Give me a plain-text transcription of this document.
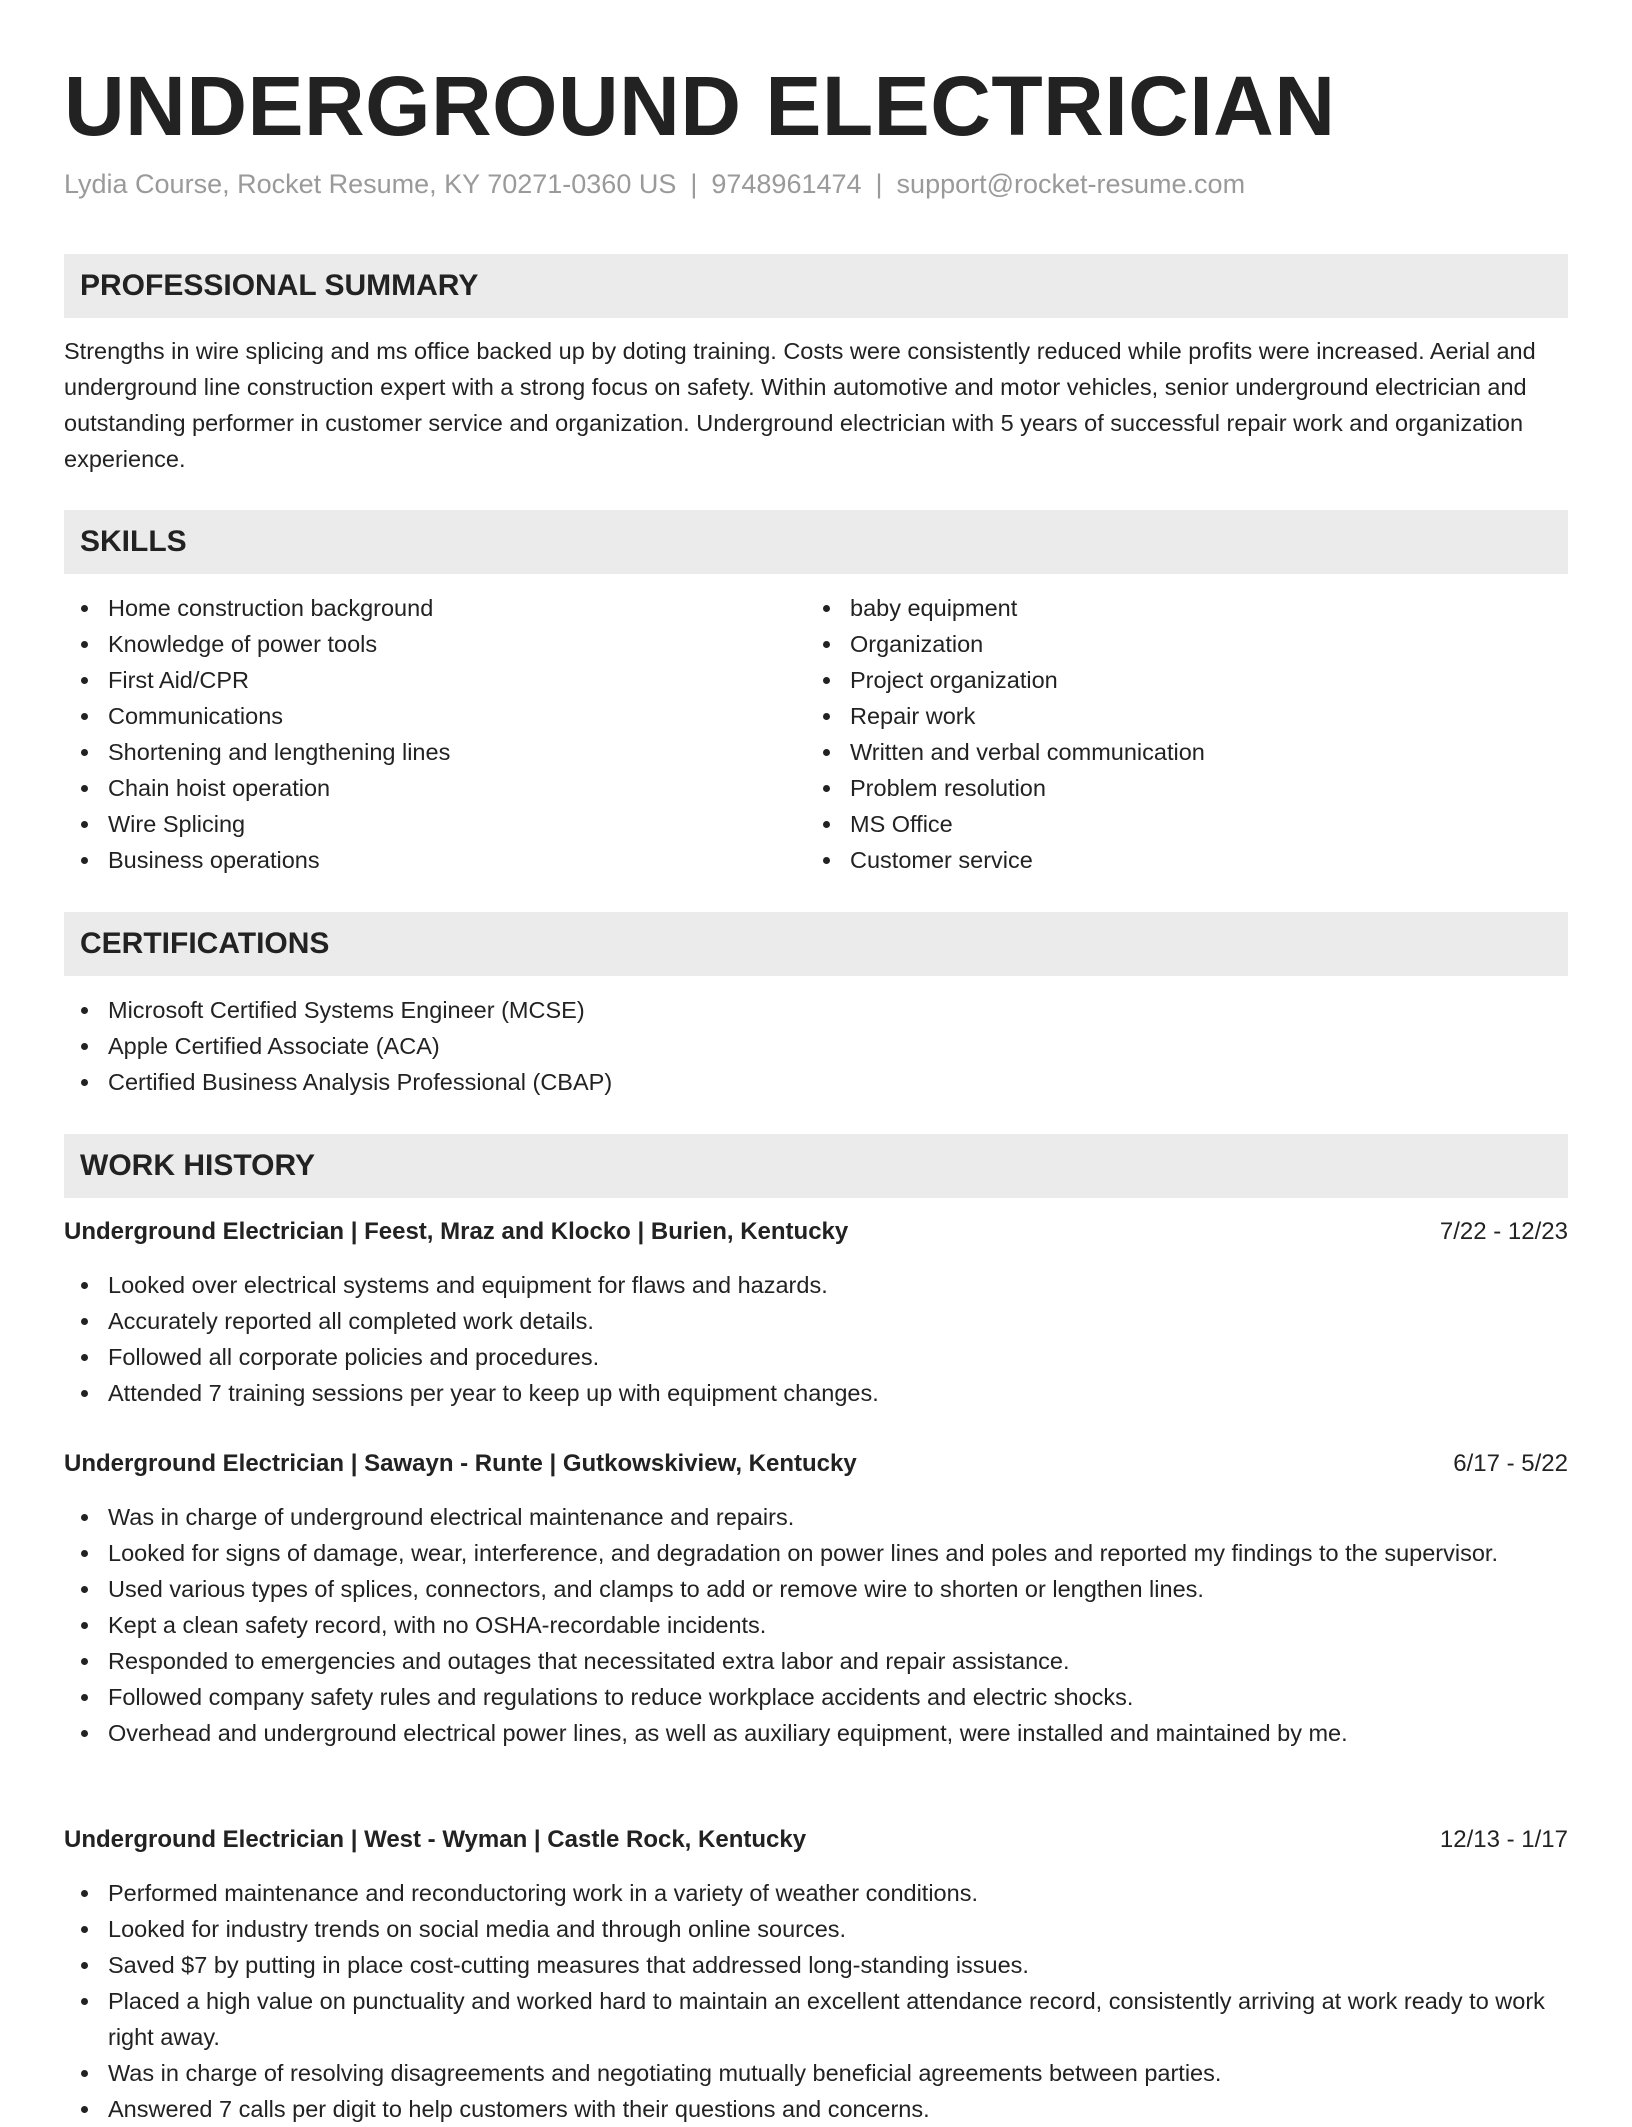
UNDERGROUND ELECTRICIAN
Lydia Course, Rocket Resume, KY 70271-0360 US | 9748961474 | support@rocket-resume.com
PROFESSIONAL SUMMARY

Strengths in wire splicing and ms office backed up by doting training. Costs were consistently reduced while profits were increased. Aerial and underground line construction expert with a strong focus on safety. Within automotive and motor vehicles, senior underground electrician and outstanding performer in customer service and organization. Underground electrician with 5 years of successful repair work and organization experience.

SKILLS
Home construction background
Knowledge of power tools
First Aid/CPR
Communications
Shortening and lengthening lines
Chain hoist operation
Wire Splicing
Business operations
baby equipment
Organization
Project organization
Repair work
Written and verbal communication
Problem resolution
MS Office
Customer service
CERTIFICATIONS
Microsoft Certified Systems Engineer (MCSE)
Apple Certified Associate (ACA)
Certified Business Analysis Professional (CBAP)
WORK HISTORY
Underground Electrician | Feest, Mraz and Klocko | Burien, Kentucky	7/22 - 12/23
Looked over electrical systems and equipment for flaws and hazards.
Accurately reported all completed work details.
Followed all corporate policies and procedures.
Attended 7 training sessions per year to keep up with equipment changes.
Underground Electrician | Sawayn - Runte | Gutkowskiview, Kentucky	6/17 - 5/22
Was in charge of underground electrical maintenance and repairs.
Looked for signs of damage, wear, interference, and degradation on power lines and poles and reported my findings to the supervisor.
Used various types of splices, connectors, and clamps to add or remove wire to shorten or lengthen lines.
Kept a clean safety record, with no OSHA-recordable incidents.
Responded to emergencies and outages that necessitated extra labor and repair assistance.
Followed company safety rules and regulations to reduce workplace accidents and electric shocks.
Overhead and underground electrical power lines, as well as auxiliary equipment, were installed and maintained by me.
Underground Electrician | West - Wyman | Castle Rock, Kentucky	12/13 - 1/17
Performed maintenance and reconductoring work in a variety of weather conditions.
Looked for industry trends on social media and through online sources.
Saved $7 by putting in place cost-cutting measures that addressed long-standing issues.
Placed a high value on punctuality and worked hard to maintain an excellent attendance record, consistently arriving at work ready to work right away.
Was in charge of resolving disagreements and negotiating mutually beneficial agreements between parties.
Answered 7 calls per digit to help customers with their questions and concerns.
